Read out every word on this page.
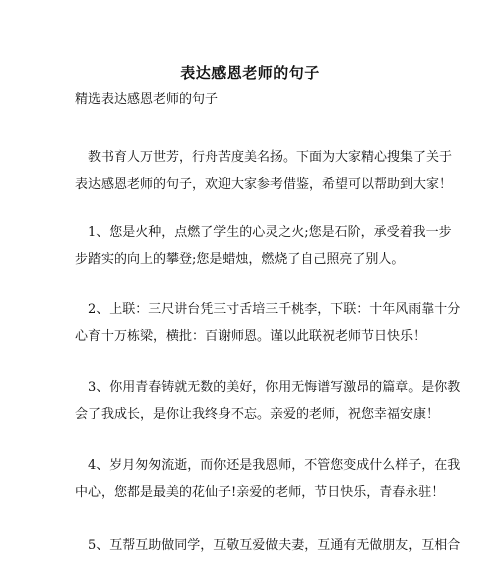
表达感恩老师的句子

精选表达感恩老师的句子

教书育人万世芳，行舟苦度美名扬。下面为大家精心搜集了关于
表达感恩老师的句子，欢迎大家参考借鉴，希望可以帮助到大家！

1、您是火种，点燃了学生的心灵之火;您是石阶，承受着我一步
步踏实的向上的攀登;您是蜡烛，燃烧了自己照亮了别人。

2、上联：三尺讲台凭三寸舌培三千桃李，下联：十年风雨靠十分
心育十万栋梁，横批：百谢师恩。谨以此联祝老师节日快乐！

3、你用青春铸就无数的美好，你用无悔谱写激昂的篇章。是你教
会了我成长，是你让我终身不忘。亲爱的老师，祝您幸福安康！

4、岁月匆匆流逝，而你还是我恩师，不管您变成什么样子，在我
中心，您都是最美的花仙子!亲爱的老师，节日快乐，青春永驻！

5、互帮互助做同学，互敬互爱做夫妻，互通有无做朋友，互相合
